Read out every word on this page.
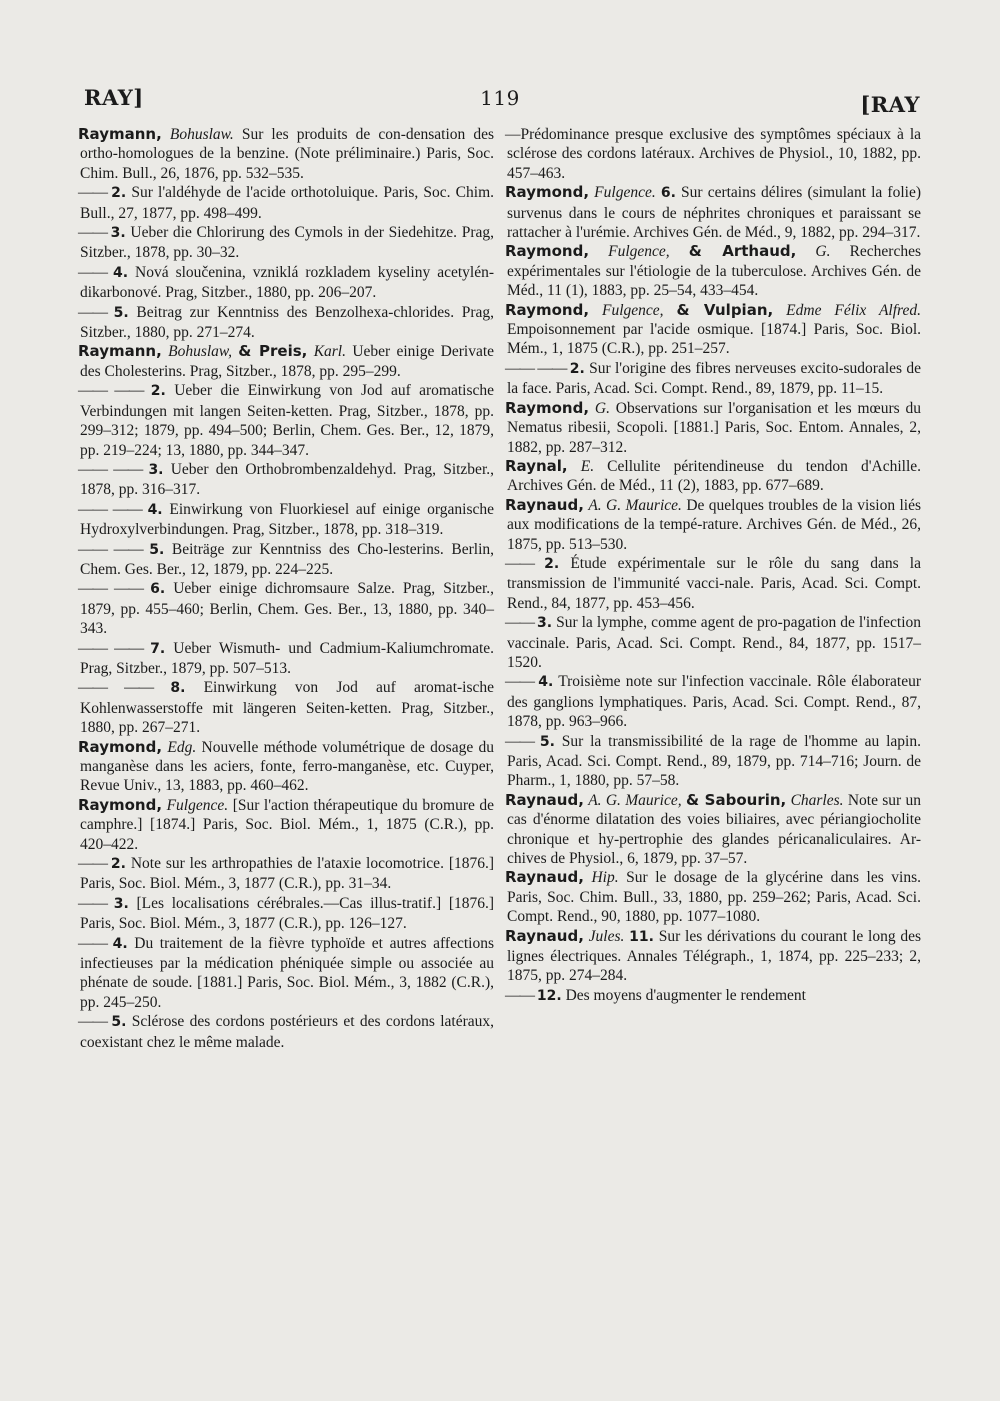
RAY]	119	[RAY

Raymann, Bohuslaw. Sur les produits de con-densation des ortho-homologues de la benzine. (Note préliminaire.) Paris, Soc. Chim. Bull., 26, 1876, pp. 532–535.

—— 2. Sur l'aldéhyde de l'acide orthotoluique. Paris, Soc. Chim. Bull., 27, 1877, pp. 498–499.

—— 3. Ueber die Chlorirung des Cymols in der Siedehitze. Prag, Sitzber., 1878, pp. 30–32.

—— 4. Nová sloučenina, vzniklá rozkladem kyseliny acetylén-dikarbonové. Prag, Sitzber., 1880, pp. 206–207.

—— 5. Beitrag zur Kenntniss des Benzolhexa-chlorides. Prag, Sitzber., 1880, pp. 271–274.

Raymann, Bohuslaw, & Preis, Karl. Ueber einige Derivate des Cholesterins. Prag, Sitzber., 1878, pp. 295–299.

—— —— 2. Ueber die Einwirkung von Jod auf aromatische Verbindungen mit langen Seiten-ketten. Prag, Sitzber., 1878, pp. 299–312; 1879, pp. 494–500; Berlin, Chem. Ges. Ber., 12, 1879, pp. 219–224; 13, 1880, pp. 344–347.

—— —— 3. Ueber den Orthobrombenzaldehyd. Prag, Sitzber., 1878, pp. 316–317.

—— —— 4. Einwirkung von Fluorkiesel auf einige organische Hydroxylverbindungen. Prag, Sitzber., 1878, pp. 318–319.

—— —— 5. Beiträge zur Kenntniss des Cho-lesterins. Berlin, Chem. Ges. Ber., 12, 1879, pp. 224–225.

—— —— 6. Ueber einige dichromsaure Salze. Prag, Sitzber., 1879, pp. 455–460; Berlin, Chem. Ges. Ber., 13, 1880, pp. 340–343.

—— —— 7. Ueber Wismuth- und Cadmium-Kaliumchromate. Prag, Sitzber., 1879, pp. 507–513.

—— —— 8. Einwirkung von Jod auf aromat-ische Kohlenwasserstoffe mit längeren Seiten-ketten. Prag, Sitzber., 1880, pp. 267–271.

Raymond, Edg. Nouvelle méthode volumétrique de dosage du manganèse dans les aciers, fonte, ferro-manganèse, etc. Cuyper, Revue Univ., 13, 1883, pp. 460–462.

Raymond, Fulgence. [Sur l'action thérapeutique du bromure de camphre.] [1874.] Paris, Soc. Biol. Mém., 1, 1875 (C.R.), pp. 420–422.

—— 2. Note sur les arthropathies de l'ataxie locomotrice. [1876.] Paris, Soc. Biol. Mém., 3, 1877 (C.R.), pp. 31–34.

—— 3. [Les localisations cérébrales.—Cas illus-tratif.] [1876.] Paris, Soc. Biol. Mém., 3, 1877 (C.R.), pp. 126–127.

—— 4. Du traitement de la fièvre typhoïde et autres affections infectieuses par la médication phéniquée simple ou associée au phénate de soude. [1881.] Paris, Soc. Biol. Mém., 3, 1882 (C.R.), pp. 245–250.

—— 5. Sclérose des cordons postérieurs et des cordons latéraux, coexistant chez le même malade.

—Prédominance presque exclusive des symptômes spéciaux à la sclérose des cordons latéraux. Archives de Physiol., 10, 1882, pp. 457–463.

Raymond, Fulgence. 6. Sur certains délires (simulant la folie) survenus dans le cours de néphrites chroniques et paraissant se rattacher à l'urémie. Archives Gén. de Méd., 9, 1882, pp. 294–317.

Raymond, Fulgence, & Arthaud, G. Recherches expérimentales sur l'étiologie de la tuberculose. Archives Gén. de Méd., 11 (1), 1883, pp. 25–54, 433–454.

Raymond, Fulgence, & Vulpian, Edme Félix Alfred. Empoisonnement par l'acide osmique. [1874.] Paris, Soc. Biol. Mém., 1, 1875 (C.R.), pp. 251–257.

—— —— 2. Sur l'origine des fibres nerveuses excito-sudorales de la face. Paris, Acad. Sci. Compt. Rend., 89, 1879, pp. 11–15.

Raymond, G. Observations sur l'organisation et les mœurs du Nematus ribesii, Scopoli. [1881.] Paris, Soc. Entom. Annales, 2, 1882, pp. 287–312.

Raynal, E. Cellulite péritendineuse du tendon d'Achille. Archives Gén. de Méd., 11 (2), 1883, pp. 677–689.

Raynaud, A. G. Maurice. De quelques troubles de la vision liés aux modifications de la tempé-rature. Archives Gén. de Méd., 26, 1875, pp. 513–530.

—— 2. Étude expérimentale sur le rôle du sang dans la transmission de l'immunité vacci-nale. Paris, Acad. Sci. Compt. Rend., 84, 1877, pp. 453–456.

—— 3. Sur la lymphe, comme agent de pro-pagation de l'infection vaccinale. Paris, Acad. Sci. Compt. Rend., 84, 1877, pp. 1517–1520.

—— 4. Troisième note sur l'infection vaccinale. Rôle élaborateur des ganglions lymphatiques. Paris, Acad. Sci. Compt. Rend., 87, 1878, pp. 963–966.

—— 5. Sur la transmissibilité de la rage de l'homme au lapin. Paris, Acad. Sci. Compt. Rend., 89, 1879, pp. 714–716; Journ. de Pharm., 1, 1880, pp. 57–58.

Raynaud, A. G. Maurice, & Sabourin, Charles. Note sur un cas d'énorme dilatation des voies biliaires, avec périangiocholite chronique et hy-pertrophie des glandes péricanaliculaires. Ar-chives de Physiol., 6, 1879, pp. 37–57.

Raynaud, Hip. Sur le dosage de la glycérine dans les vins. Paris, Soc. Chim. Bull., 33, 1880, pp. 259–262; Paris, Acad. Sci. Compt. Rend., 90, 1880, pp. 1077–1080.

Raynaud, Jules. 11. Sur les dérivations du courant le long des lignes électriques. Annales Télégraph., 1, 1874, pp. 225–233; 2, 1875, pp. 274–284.

—— 12. Des moyens d'augmenter le rendement
